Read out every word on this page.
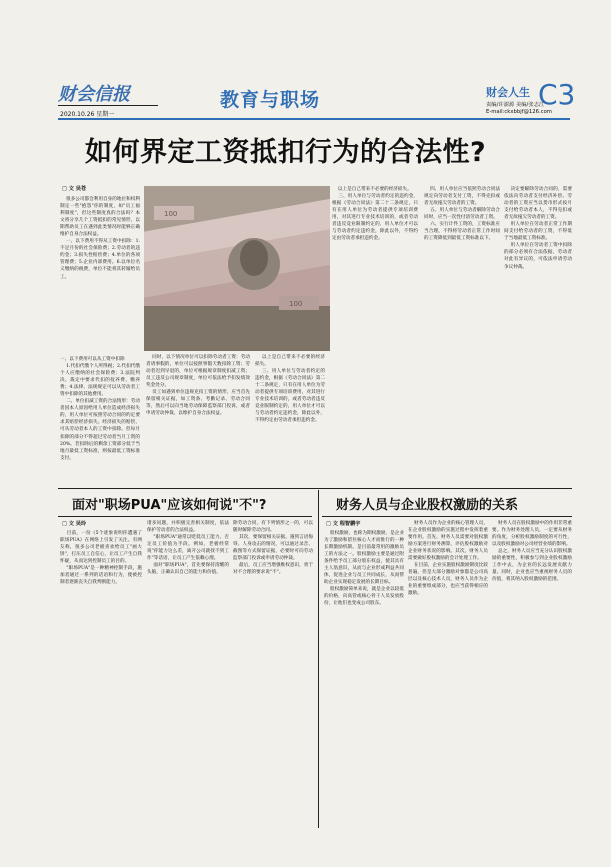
财会信报
2020.10.26 星期一
教育与职场	财会人生 C3
责编/许澍源 美编/张志江
E-mail:ckxbbjf@126.com
如何界定工资抵扣行为的合法性?
□ 文 吴苍
很多公司都会利用自身的地位和权利制定一些"抱怨"你的制度，如"员工福利制度"，但这些制度真的合法吗？本文将分享几个工资抵扣的常见情形，以期帮助员工在遇到此类情况时能够正确维护自身合法权益。
一、以下费用不得从工资中扣除：1.不足月份的社会保险费；2.劳动者的违约金；3.损失性赔偿费；4.单位的各项管理费；5.企业内部费用。6.以单位名义缴纳的税费，单位不能将其转嫁给员工。
一、以下费用可以从工资中扣除
1.代扣代缴个人所得税；2.代扣代缴个人应缴纳的社会保险费；3.法院判决、裁定中要求代扣的抚养费、赡养费；4.法律、法规规定可以从劳动者工资中扣除的其他费用。
二、单位扣减工资的合法情形：劳动者因本人原因给用人单位造成经济损失的，用人单位可按照劳动合同的约定要求其赔偿经济损失。经济损失的赔偿，可从劳动者本人的工资中扣除。但每月扣除的部分不得超过劳动者当月工资的20%。若扣除后的剩余工资部分低于当地月最低工资标准，则按最低工资标准支付。
100
100
同时，以下情况单位可以扣除劳动者工资：劳动者请事假的，单位可以按照事假天数扣除工资；劳动者迟到早退的，单位可根据规章制度扣减工资；员工违反公司规章制度，单位可依法给予扣发绩效奖金处分。
员工如遇到单位违规克扣工资的情形，应当首先保留相关证据，如工资条、考勤记录、劳动合同等，然后可以向当地劳动保障监察部门投诉，或者申请劳动仲裁，以维护自身合法权益。
以上是自己带来不必要的经济损失。
三、用人单位与劳动者约定的违约金，根据《劳动合同法》第二十二条规定，只有在用人单位为劳动者提供专项培训费用，对其进行专业技术培训的，或者劳动者违反竞业限制约定的，用人单位才可以与劳动者约定违约金，除此以外，不得约定由劳动者承担违约金。
以上是自己带来不必要的经济损失。
三、用人单位与劳动者约定的违约金，根据《劳动合同法》第二十二条规定，只有在用人单位为劳动者提供专项培训费用，对其进行专业技术培训的，或者劳动者违反竞业限制约定的，用人单位才可以与劳动者约定违约金，除此以外，不得约定由劳动者承担违约金。
四、用人单位应当依照劳动合同法规定向劳动者支付工资，不得克扣或者无故拖欠劳动者的工资。
五、用人单位与劳动者解除劳动合同时，应当一次性付清劳动者工资。
六、实行计件工资的，工资标准应当合理，不得将劳动者正常工作时间的工资降低到最低工资标准以下。
决定要解除劳动合同的，需要依法向劳动者支付经济补偿。劳动者的工资应当以货币形式按月支付给劳动者本人，不得克扣或者无故拖欠劳动者的工资。
用人单位在劳动者正常工作期间支付给劳动者的工资，不得低于当地最低工资标准。
用人单位在劳动者工资中扣除的部分必须有合法依据，劳动者对此有异议的，可依法申请劳动争议仲裁。
面对"职场PUA"应该如何说"不"?
□ 文 吴玲
目前，一份《5个迹象说明你遭遇了职场PUA》在网络上引发了关注。有网友称，很多公司老板喜欢给员工"画大饼"，打压员工自信心，让员工产生自我怀疑，从而达到控制员工的目的。
"职场PUA"是一种精神控制手段，施加者通过一系列的话语和行为，使被控制者逐渐丧失自我判断能力。
诸多问题，并积极完善相关制度，依法保护劳动者的合法权益。
"职场PUA"通常以贬低员工能力、否定员工价值为手段。例如，老板经常说"你能力这么差，离开公司就找不到工作"等话语，让员工产生依赖心理。
面对"职场PUA"，首先要保持清醒的头脑，正确认识自己的能力和价值。
除劳动合同，有下列情形之一的，可以随时解除劳动合同。
其次，要保留相关证据。遇到言语侮辱、人身攻击的情况，可以通过录音、截图等方式保留证据，必要时可向劳动监察部门投诉或申请劳动仲裁。
最后，员工应当增强维权意识，勇于对不合理的要求说"不"。
财务人员与企业股权激励的关系
□ 文 程智鹏宇
股权激励，也称为期权激励，是企业为了激励和留住核心人才而推行的一种长期激励机制。是目前最常用的激励员工的方法之一。股权激励主要是通过附条件给予员工部分股东权益，使其具有主人翁意识，从而与企业形成利益共同体，促进企业与员工共同成长，从而帮助企业实现稳定发展的长期目标。
股权激励简单来说，就是企业以较低的价格，向高管或核心骨干人员发放股份，让他们也变成公司股东。
财务人员作为企业的核心管理人员，在企业股权激励的实施过程中发挥着重要作用。首先，财务人员需要对股权激励方案进行财务测算，评估股权激励对企业财务状况的影响。其次，财务人员需要做好股权激励的会计处理工作。
在目前，企业实施股权激励制度比较普遍，但是大部分激励对象都是公司高层以及核心技术人员，财务人员作为企业的重要组成部分，也应当获得相应的激励。
财务人员在股权激励中的作用非常重要。作为财务处理人员，一定要从财务的角度，分析股权激励制度的可行性，以及股权激励对公司经营业绩的影响。
总之，财务人员应当充分认识股权激励的重要性，积极参与到企业股权激励工作中去，为企业的长远发展贡献力量。同时，企业也应当重视财务人员的价值，将其纳入股权激励的范围。
